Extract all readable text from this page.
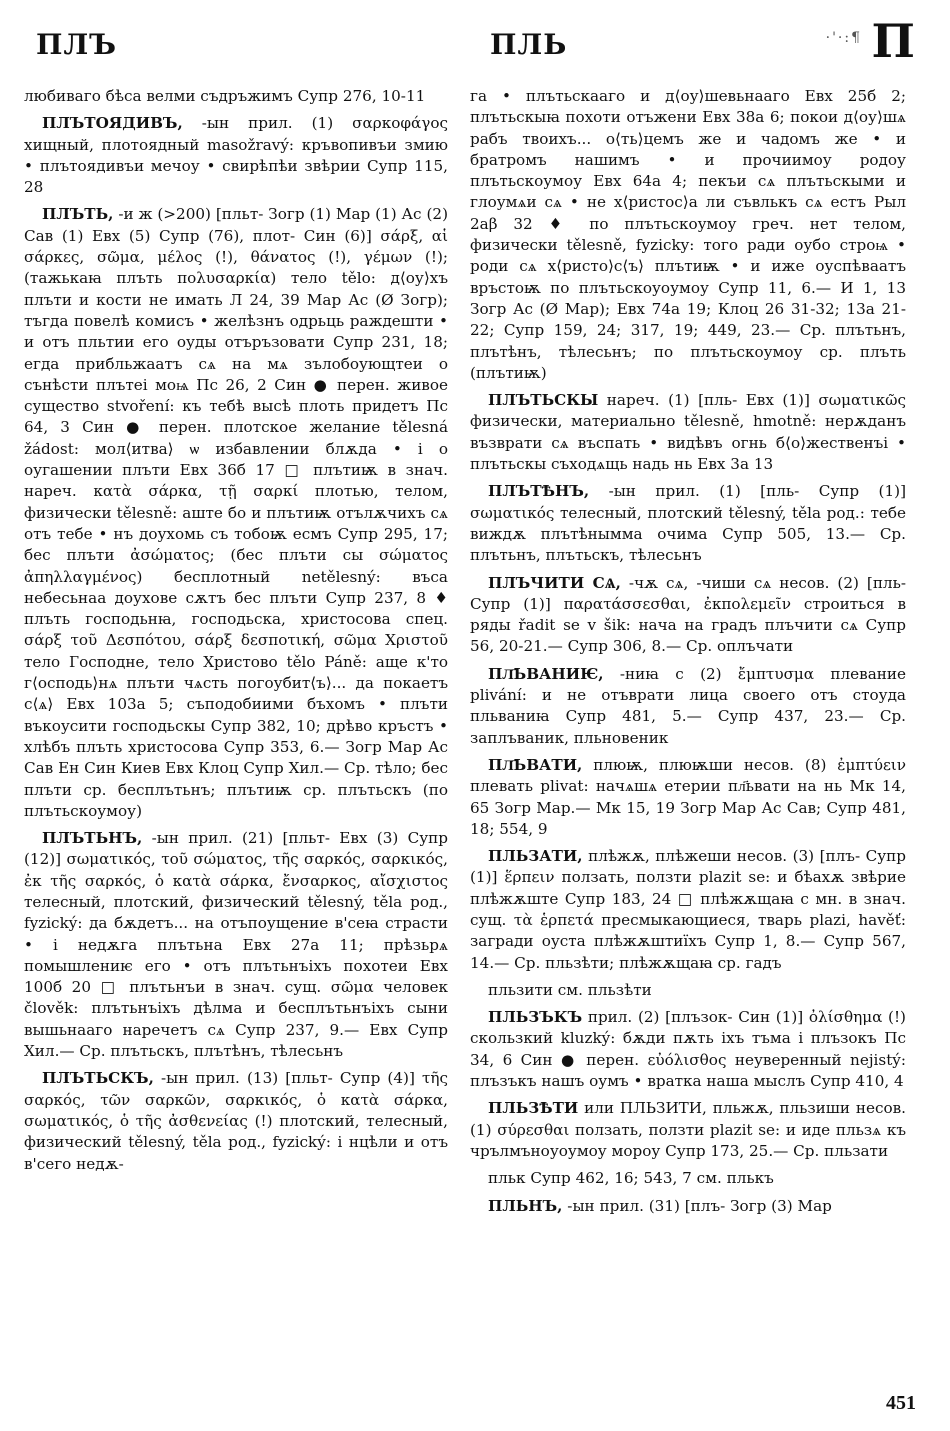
ПЛЪ	ПЛЬ	·'·:¶ П

любиваго бѣса велми съдръжимъ Супр 276, 10-11

ПЛЪТОЯДИВЪ, -ын прил. (1) σαρκοφάγος хищный, плотоядный masožravý: кръвопивъи змию • плътоядивъи мечоу • свирѣпѣи звѣрии Супр 115, 28

ПЛЪТЬ, -и ж (>200) [пльт- Зогр (1) Мар (1) Ас (2) Сав (1) Евх (5) Супр (76), плот- Син (6)] σάρξ, αἱ σάρκες, σῶμα, μέλος (!), θάνατος (!), γέμων (!); (тажькаꙗ плъть πολυσαρκία) тело tělo: д⟨оу⟩хъ плъти и кости не имать Л 24, 39 Мар Ас (Ø Зогр); тъгда повелѣ комисъ • желѣзнъ одрьць раждешти • и отъ пльтии его оуды отъръзовати Супр 231, 18; егда прибльжаатъ сѧ на мѧ зълобоующтеи о сънѣсти плътеі моѩ Пс 26, 2 Син ● перен. живое существо stvoření: къ тебѣ высѣ плоть придетъ Пс 64, 3 Син ● перен. плотское желание tělesná žádost: мол⟨итва⟩ ѡ избавлении блѫда • і о оугашении плъти Евх 36б 17 □ плътиѭ в знач. нареч. κατὰ σάρκα, τῇ σαρκί плотью, телом, физически tělesně: аште бо и плътиѭ отълѫчихъ сѧ отъ тебе • нъ доухомь съ тобоѭ есмъ Супр 295, 17; бес плъти ἀσώματος; (бес плъти сы σώματος ἀπηλλαγμένος) бесплотный netělesný: въса небесьнаа доухове сѫтъ бес плъти Супр 237, 8 ♦ плъть господьнꙗ, господьска, христосова спец. σάρξ τοῦ Δεσπότου, σάρξ δεσποτική, σῶμα Χριστοῦ тело Господне, тело Христово tělo Páně: аще к'то г⟨осподь⟩нѧ плъти чѧсть погоубит⟨ъ⟩... да покаетъ с⟨ѧ⟩ Евх 103а 5; съподобиими бъхомъ • плъти въкоусити господьскы Супр 382, 10; дрѣво кръстъ • хлѣбъ плъть христосова Супр 353, 6.— Зогр Мар Ас Сав Ен Син Киев Евх Клоц Супр Хил.— Ср. тѣло; бес плъти ср. бесплътьнъ; плътиѭ ср. плътьскъ (по плътьскоумоу)

ПЛЪТЬНЪ, -ын прил. (21) [пльт- Евх (3) Супр (12)] σωματικός, τοῦ σώματος, τῆς σαρκός, σαρκικός, ἐκ τῆς σαρκός, ὁ κατὰ σάρκα, ἔνσαρκος, αἴσχιστος телесный, плотский, физический tělesný, těla род., fyzický: да бѫдетъ... на отъпоущение в'сеꙗ страсти • і недѫга плътьна Евх 27а 11; прѣзьрѧ помышлениѥ его • отъ плътьнъіхъ похотеи Евх 100б 20 □ плътьнъи в знач. сущ. σῶμα человек člověk: плътьнъіхъ дѣлма и бесплътьнъіхъ сыни вышьнааго наречетъ сѧ Супр 237, 9.— Евх Супр Хил.— Ср. плътьскъ, плътѣнъ, тѣлесьнъ

ПЛЪТЬСКЪ, -ын прил. (13) [пльт- Супр (4)] τῆς σαρκός, τῶν σαρκῶν, σαρκικός, ὁ κατὰ σάρκα, σωματικός, ὁ τῆς ἀσθενείας (!) плотский, телесный, физический tělesný, těla род., fyzický: і нцѣли и отъ в'сего недѫ-

га • плътьскааго и д⟨оу⟩шевьнааго Евх 25б 2; плътьскыꙗ похоти отъжени Евх 38а 6; покои д⟨оу⟩шѧ рабъ твоихъ... о⟨ть⟩цемъ же и чадомъ же • и братромъ нашимъ • и прочиимоу родоу плътьскоумоу Евх 64а 4; пекъи сѧ плътьскыми и глоумѧи сѧ • не х⟨ристос⟩а ли съвлькъ сѧ естъ Рыл 2аβ 32 ♦ по плътьскоумоу греч. нет телом, физически tělesně, fyzicky: того ради оубо строѩ • роди сѧ х⟨ристо⟩с⟨ъ⟩ плътиѭ • и иже оуспѣваатъ връстоѭ по плътьскоуоумоу Супр 11, 6.— И 1, 13 Зогр Ас (Ø Мар); Евх 74а 19; Клоц 26 31-32; 13а 21-22; Супр 159, 24; 317, 19; 449, 23.— Ср. плътьнъ, плътѣнъ, тѣлесьнъ; по плътьскоумоу ср. плъть (плътиѭ)

ПЛЪТЬСКЫ нареч. (1) [пль- Евх (1)] σωματικῶς физически, материально tělesně, hmotně: нерѫданъ възврати сѧ въспать • видѣвъ огнь б⟨о⟩жественъі • плътьскы съходѧщь надь нь Евх 3а 13

ПЛЪТѢНЪ, -ын прил. (1) [пль- Супр (1)] σωματικός телесный, плотский tělesný, těla род.: тебе виждѫ плътѣнымма очима Супр 505, 13.— Ср. плътьнъ, плътьскъ, тѣлесьнъ

ПЛЪЧИТИ СѦ, -чѫ сѧ, -чиши сѧ несов. (2) [пль- Супр (1)] παρατάσσεσθαι, ἐκπολεμεῖν строиться в ряды řadit se v šik: нача на градъ плъчити сѧ Супр 56, 20-21.— Супр 306, 8.— Ср. оплъчати

ПЛ҃ЬВАНИѤ, -ниꙗ с (2) ἔμπτυσμα плевание plivání: и не отъврати лица своего отъ стоуда пльваниꙗ Супр 481, 5.— Супр 437, 23.— Ср. заплъваник, пльновеник

ПЛ҃ЬВАТИ, плюѭ, плюѭши несов. (8) ἐμπτύειν плевать plivat: начѧшѧ етерии пл҃ьвати на нь Мк 14, 65 Зогр Мар.— Мк 15, 19 Зогр Мар Ас Сав; Супр 481, 18; 554, 9

ПЛЬЗАТИ, плѣжѫ, плѣжеши несов. (3) [плъ- Супр (1)] ἕρπειν ползать, ползти plazit se: и бѣахѫ звѣрие плѣжѫште Супр 183, 24 □ плѣжѫщаꙗ с мн. в знач. сущ. τὰ ἑρπετά пресмыкающиеся, тварь plazi, havěť: загради оуста плѣжѫштиїхъ Супр 1, 8.— Супр 567, 14.— Ср. пльзѣти; плѣжѫщаꙗ ср. гадъ

пльзити см. пльзѣти

ПЛЬЗЪКЪ прил. (2) [плъзок- Син (1)] ὀλίσθημα (!) скользкий kluzký: бѫди пѫть іхъ тъма і плъзокъ Пс 34, 6 Син ● перен. εὐόλισθος неуверенный nejistý: плъзъкъ нашъ оумъ • вратка наша мыслъ Супр 410, 4

ПЛЬЗѢТИ или ПЛЬЗИТИ, пльжѫ, пльзиши несов. (1) σύρεσθαι ползать, ползти plazit se: и иде пльзѧ къ чрълмъноуоумоу мороу Супр 173, 25.— Ср. пльзати

пльк Супр 462, 16; 543, 7 см. плькъ

ПЛЬНЪ, -ын прил. (31) [плъ- Зогр (3) Мар

451
